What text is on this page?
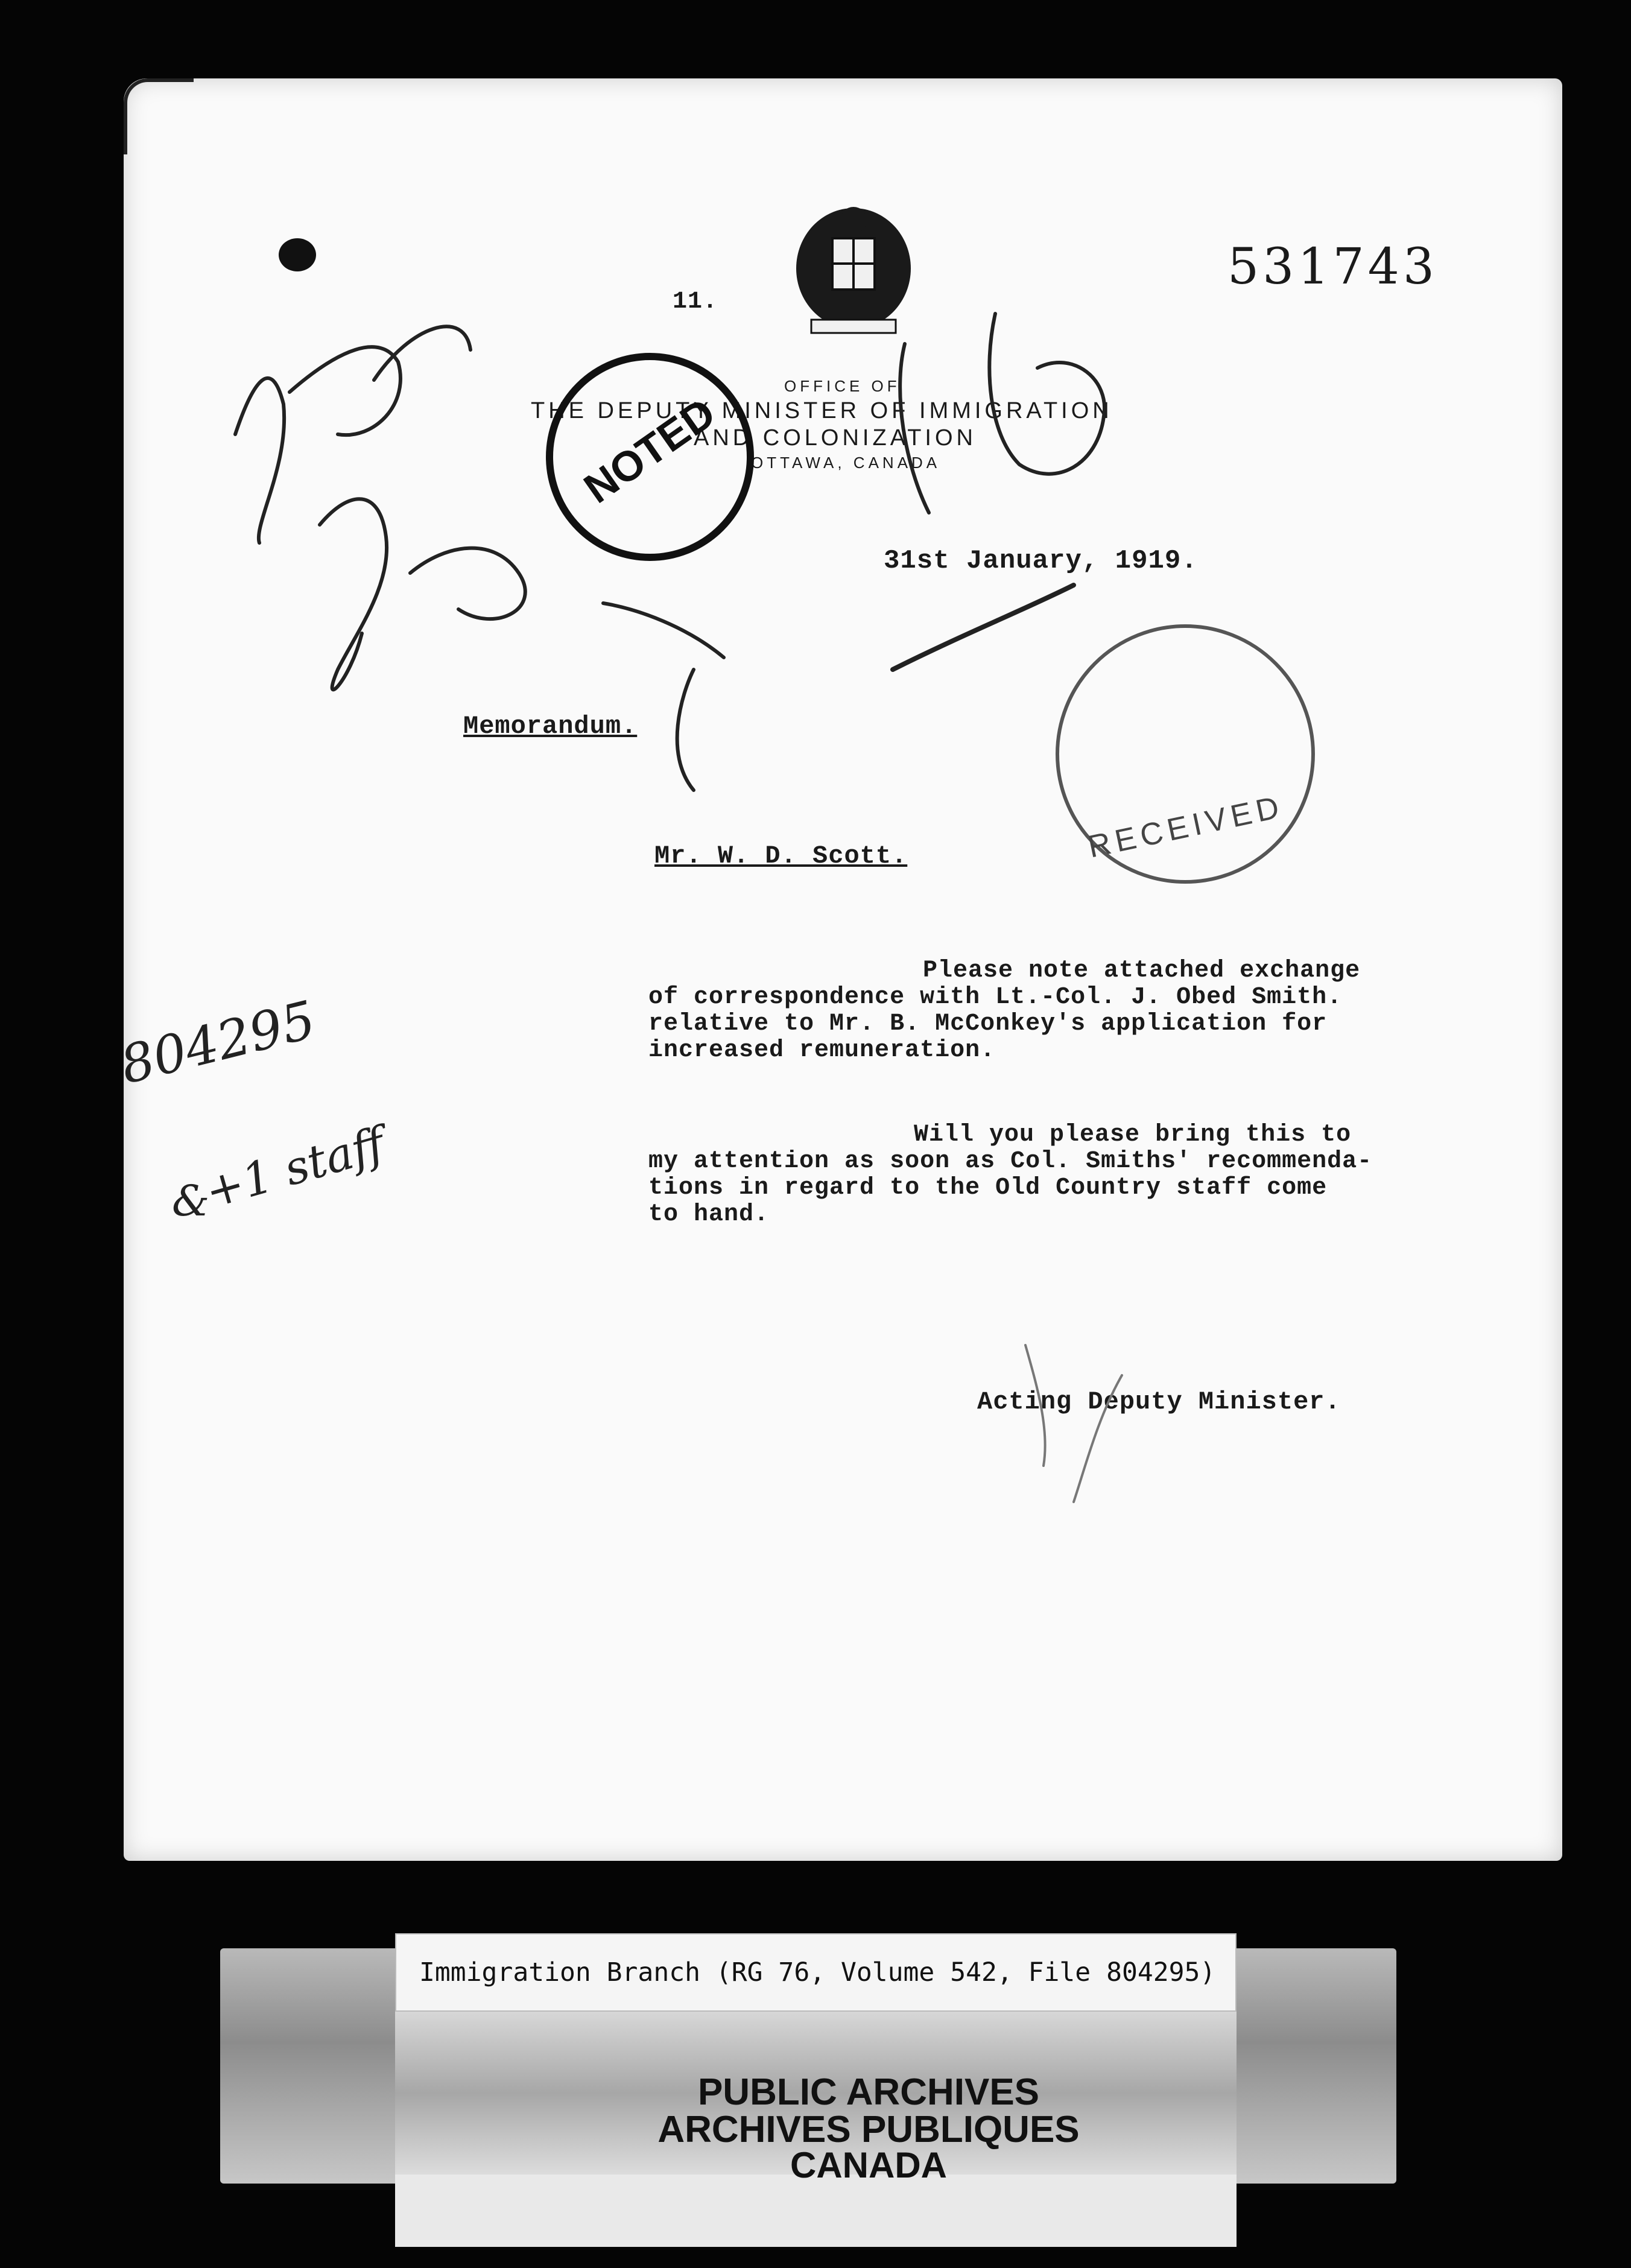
531743
11.
OFFICE OF
THE DEPUTY MINISTER OF IMMIGRATION
AND COLONIZATION
OTTAWA, CANADA
NOTED
31st January, 1919.
Memorandum.
RECEIVED
Mr. W. D. Scott.

Please note attached exchange

of correspondence with Lt.-Col. J. Obed Smith.

relative to Mr. B. McConkey's application for

increased remuneration.

Will you please bring this to

my attention as soon as Col. Smiths' recommenda-

tions in regard to the Old Country staff come

to hand.

Acting Deputy Minister.
804295
&
+1 staff
Immigration Branch (RG 76, Volume 542, File 804295)
PUBLIC ARCHIVES
ARCHIVES PUBLIQUES
CANADA
